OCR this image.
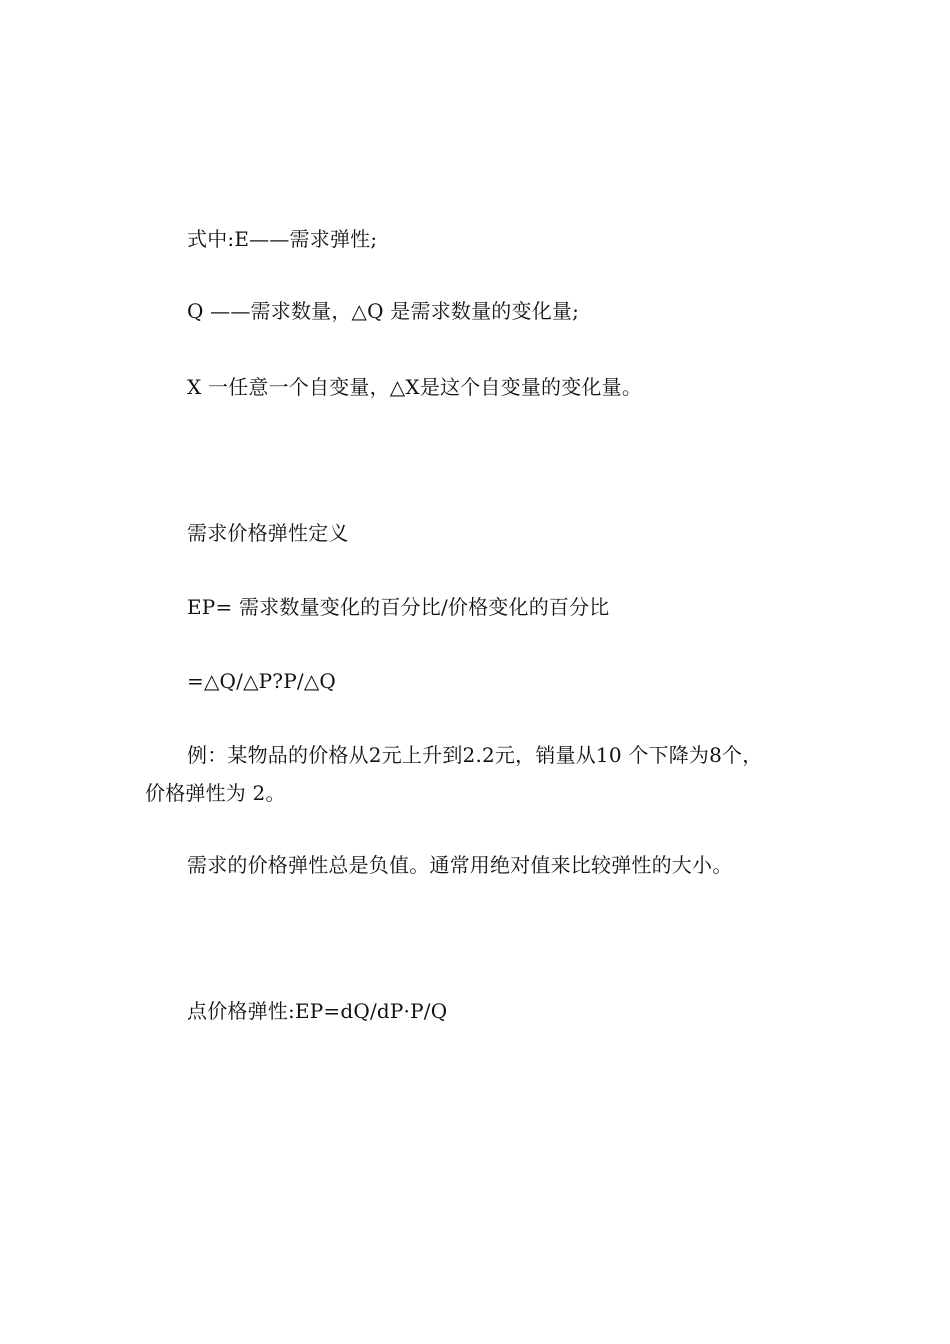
式中:E——需求弹性;
Q ——需求数量，△Q 是需求数量的变化量;
X 一任意一个自变量，△X是这个自变量的变化量。
需求价格弹性定义
EP= 需求数量变化的百分比/价格变化的百分比
=△Q/△P?P/△Q
例：某物品的价格从2元上升到2.2元，销量从10 个下降为8个，
价格弹性为 2。
需求的价格弹性总是负值。通常用绝对值来比较弹性的大小。
点价格弹性:EP=dQ/dP·P/Q
